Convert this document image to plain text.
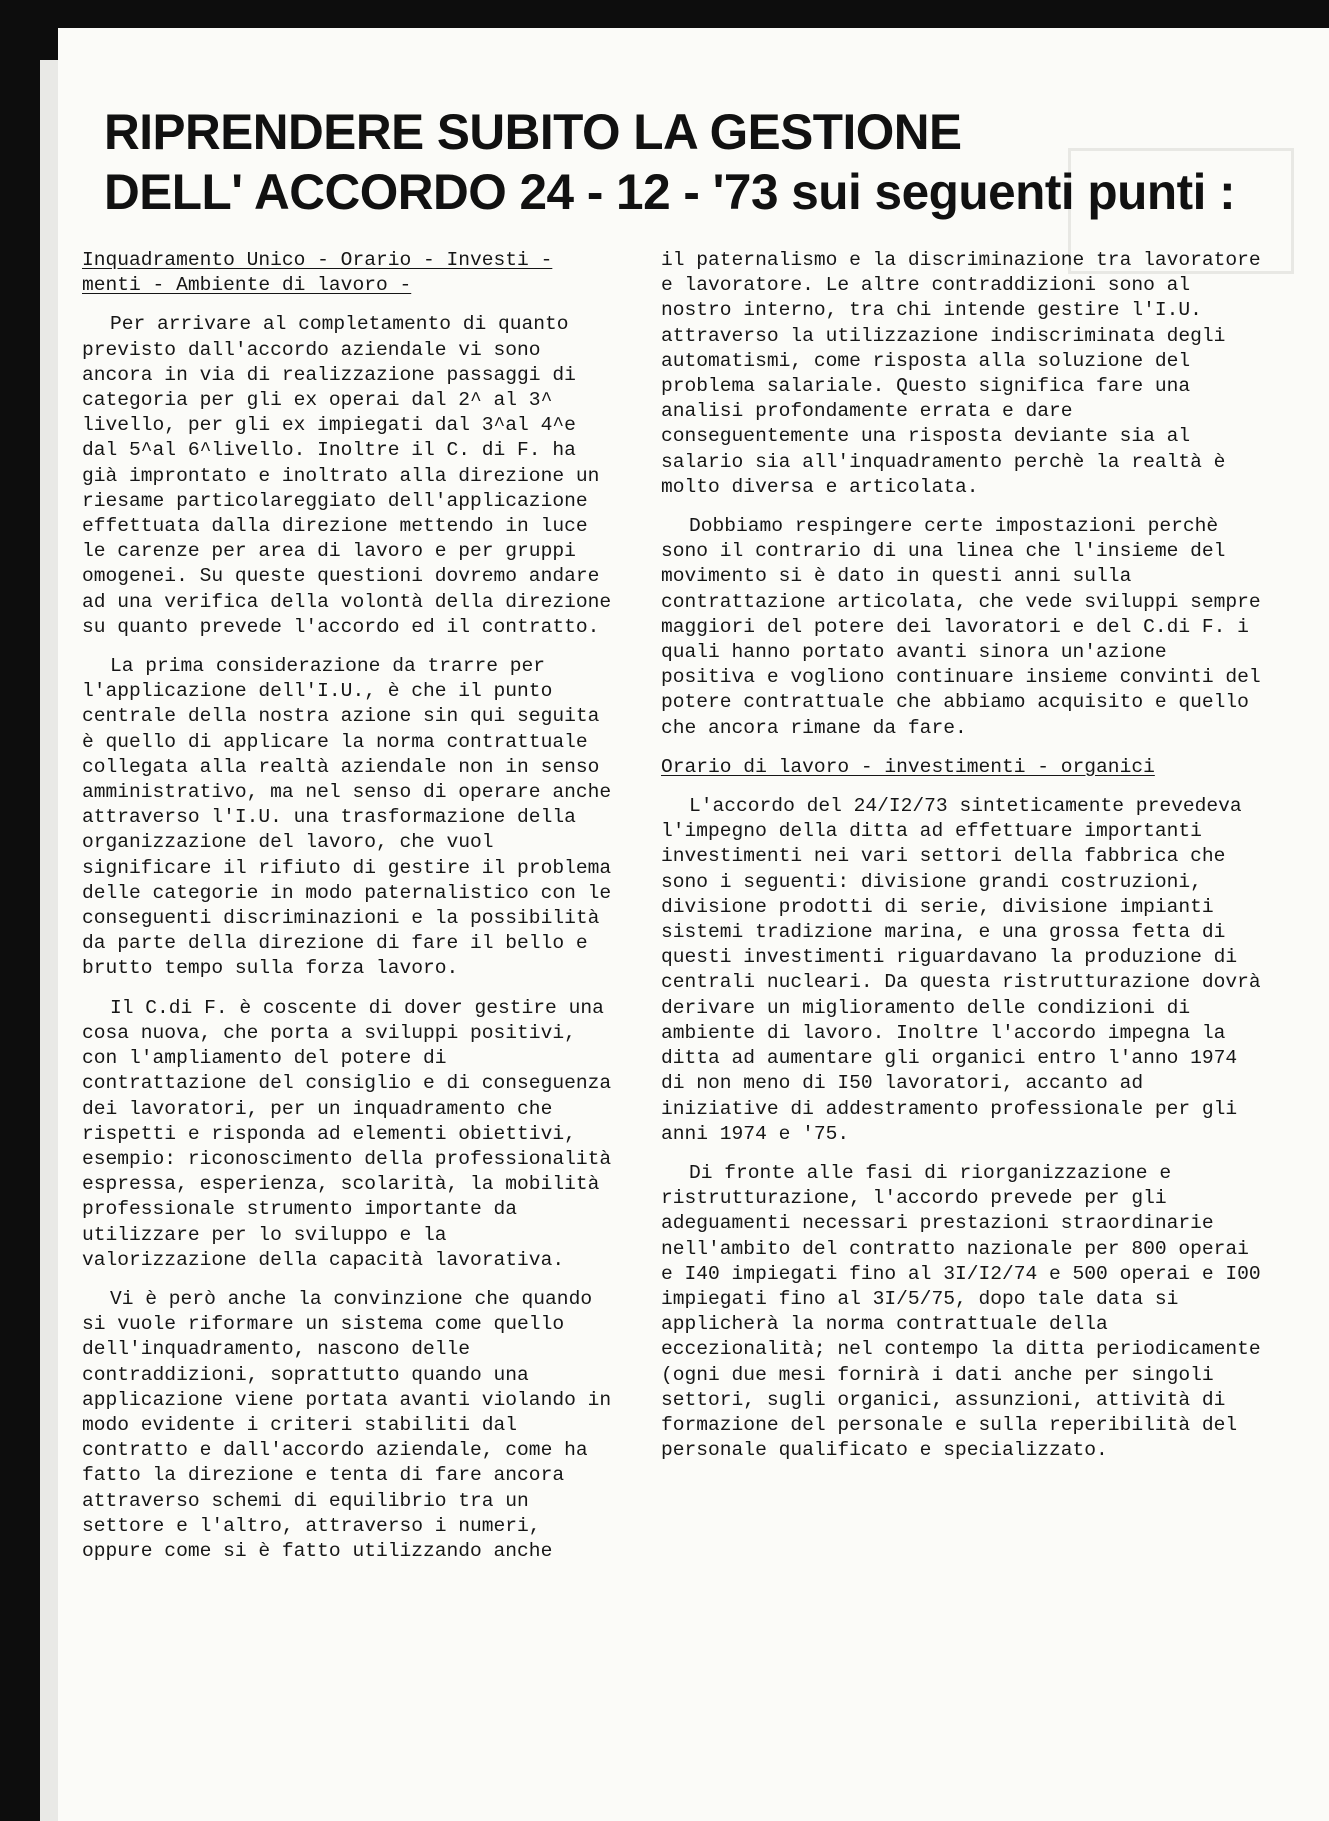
RIPRENDERE SUBITO LA GESTIONE
DELL' ACCORDO 24 - 12 - '73 sui seguenti punti :

Inquadramento Unico - Orario - Investi - menti - Ambiente di lavoro -

Per arrivare al completamento di quanto previsto dall'accordo aziendale vi sono ancora in via di realizzazione passaggi di categoria per gli ex operai dal 2^ al 3^ livello, per gli ex impiegati dal 3^al 4^e dal 5^al 6^livello. Inoltre il C. di F. ha già improntato e inoltrato alla direzione un riesame particolareggiato dell'applicazione effettuata dalla direzione mettendo in luce le carenze per area di lavoro e per gruppi omogenei. Su queste questioni dovremo andare ad una verifica della volontà della direzione su quanto prevede l'accordo ed il contratto.

La prima considerazione da trarre per l'applicazione dell'I.U., è che il punto centrale della nostra azione sin qui seguita è quello di applicare la norma contrattuale collegata alla realtà aziendale non in senso amministrativo, ma nel senso di operare anche attraverso l'I.U. una trasformazione della organizzazione del lavoro, che vuol significare il rifiuto di gestire il problema delle categorie in modo paternalistico con le conseguenti discriminazioni e la possibilità da parte della direzione di fare il bello e brutto tempo sulla forza lavoro.

Il C.di F. è coscente di dover gestire una cosa nuova, che porta a sviluppi positivi, con l'ampliamento del potere di contrattazione del consiglio e di conseguenza dei lavoratori, per un inquadramento che rispetti e risponda ad elementi obiettivi, esempio: riconoscimento della professionalità espressa, esperienza, scolarità, la mobilità professionale strumento importante da utilizzare per lo sviluppo e la valorizzazione della capacità lavorativa.

Vi è però anche la convinzione che quando si vuole riformare un sistema come quello dell'inquadramento, nascono delle contraddizioni, soprattutto quando una applicazione viene portata avanti violando in modo evidente i criteri stabiliti dal contratto e dall'accordo aziendale, come ha fatto la direzione e tenta di fare ancora attraverso schemi di equilibrio tra un settore e l'altro, attraverso i numeri, oppure come si è fatto utilizzando anche

il paternalismo e la discriminazione tra lavoratore e lavoratore. Le altre contraddizioni sono al nostro interno, tra chi intende gestire l'I.U. attraverso la utilizzazione indiscriminata degli automatismi, come risposta alla soluzione del problema salariale. Questo significa fare una analisi profondamente errata e dare conseguentemente una risposta deviante sia al salario sia all'inquadramento perchè la realtà è molto diversa e articolata.

Dobbiamo respingere certe impostazioni perchè sono il contrario di una linea che l'insieme del movimento si è dato in questi anni sulla contrattazione articolata, che vede sviluppi sempre maggiori del potere dei lavoratori e del C.di F. i quali hanno portato avanti sinora un'azione positiva e vogliono continuare insieme convinti del potere contrattuale che abbiamo acquisito e quello che ancora rimane da fare.

Orario di lavoro - investimenti - organici

L'accordo del 24/I2/73 sinteticamente prevedeva l'impegno della ditta ad effettuare importanti investimenti nei vari settori della fabbrica che sono i seguenti: divisione grandi costruzioni, divisione prodotti di serie, divisione impianti sistemi tradizione marina, e una grossa fetta di questi investimenti riguardavano la produzione di centrali nucleari. Da questa ristrutturazione dovrà derivare un miglioramento delle condizioni di ambiente di lavoro. Inoltre l'accordo impegna la ditta ad aumentare gli organici entro l'anno 1974 di non meno di I50 lavoratori, accanto ad iniziative di addestramento professionale per gli anni 1974 e '75.

Di fronte alle fasi di riorganizzazione e ristrutturazione, l'accordo prevede per gli adeguamenti necessari prestazioni straordinarie nell'ambito del contratto nazionale per 800 operai e I40 impiegati fino al 3I/I2/74 e 500 operai e I00 impiegati fino al 3I/5/75, dopo tale data si applicherà la norma contrattuale della eccezionalità; nel contempo la ditta periodicamente (ogni due mesi fornirà i dati anche per singoli settori, sugli organici, assunzioni, attività di formazione del personale e sulla reperibilità del personale qualificato e specializzato.
